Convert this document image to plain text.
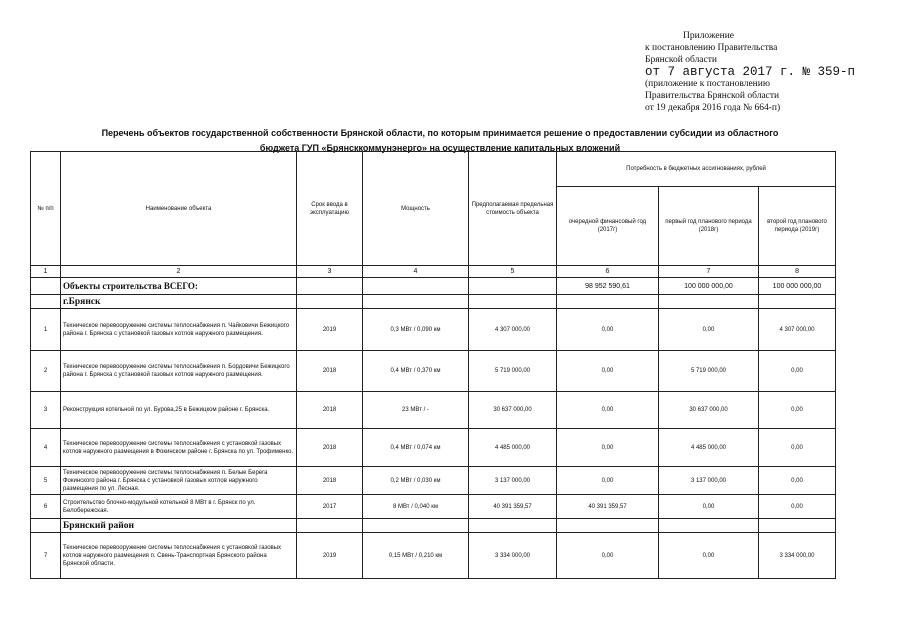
Приложение
к постановлению Правительства
Брянской области
от 7 августа 2017 г. № 359-п
(приложение к постановлению
Правительства Брянской области
от 19 декабря 2016 года № 664-п)
Перечень объектов государственной собственности Брянской области, по которым принимается решение о предоставлении субсидии из областного
бюджета ГУП «Брянсккоммунэнерго» на осуществление капитальных вложений
№ п/п	Наименование объекта	Срок ввода в эксплуатацию	Мощность	Предполагаемая предельная стоимость объекта	Потребность в бюджетных ассигнованиях, рублей		
					очередной финансовый год (2017г)	первый год планового периода (2018г)	второй год планового периода (2019г)
1	2	3	4	5	6	7	8
	Объекты строительства ВСЕГО:				98 952 590,61	100 000 000,00	100 000 000,00
	г.Брянск						
1	Техническое перевооружение системы теплоснабжения п. Чайковичи Бежицкого района г. Брянска с установкой газовых котлов наружного размещения.	2019	0,3 МВт / 0,090 км	4 307 000,00	0,00	0,00	4 307 000,00
2	Техническое перевооружение системы теплоснабжения п. Бордовичи Бежицкого района г. Брянска с установкой газовых котлов наружного размещения.	2018	0,4 МВт / 0,370 км	5 719 000,00	0,00	5 719 000,00	0,00
3	Реконструкция котельной по ул. Бурова,25 в Бежицком районе г. Брянска.	2018	23 МВт / -	30 637 000,00	0,00	30 637 000,00	0,00
4	Техническое перевооружение системы теплоснабжения с установкой газовых котлов наружного размещения в Фокинском районе г. Брянска по ул. Трофименко.	2018	0,4 МВт / 0,074 км	4 485 000,00	0,00	4 485 000,00	0,00
5	Техническое перевооружение системы теплоснабжения п. Белые Берега Фокинского района г. Брянска с установкой газовых котлов наружного размещения по ул. Лесная.	2018	0,2 МВт / 0,030 км	3 137 000,00	0,00	3 137 000,00	0,00
6	Строительство блочно-модульной котельной 8 МВт в г. Брянск по ул. Белобережская.	2017	8 МВт / 0,040 км	40 391 359,57	40 391 359,57	0,00	0,00
	Брянский район						
7	Техническое перевооружение системы теплоснабжения с установкой газовых котлов наружного размещения п. Свень-Транспортная Брянского района Брянской области.	2019	0,15 МВт / 0,210 км	3 334 000,00	0,00	0,00	3 334 000,00
